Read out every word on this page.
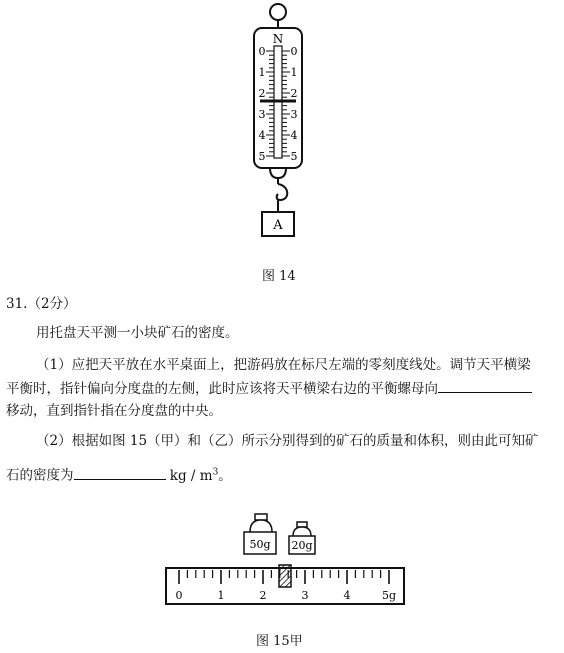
N
0
1
2
3
4
5
0
1
2
3
4
5
A
图 14
31.（2分）
用托盘天平测一小块矿石的密度。
（1）应把天平放在水平桌面上，把游码放在标尺左端的零刻度线处。调节天平横梁
平衡时，指针偏向分度盘的左侧，此时应该将天平横梁右边的平衡螺母向
移动，直到指针指在分度盘的中央。
（2）根据如图 15（甲）和（乙）所示分别得到的矿石的质量和体积，则由此可知矿
石的密度为	kg / $m^3$。
50g 20g
0	1	2	3	4	5g
图 15甲
